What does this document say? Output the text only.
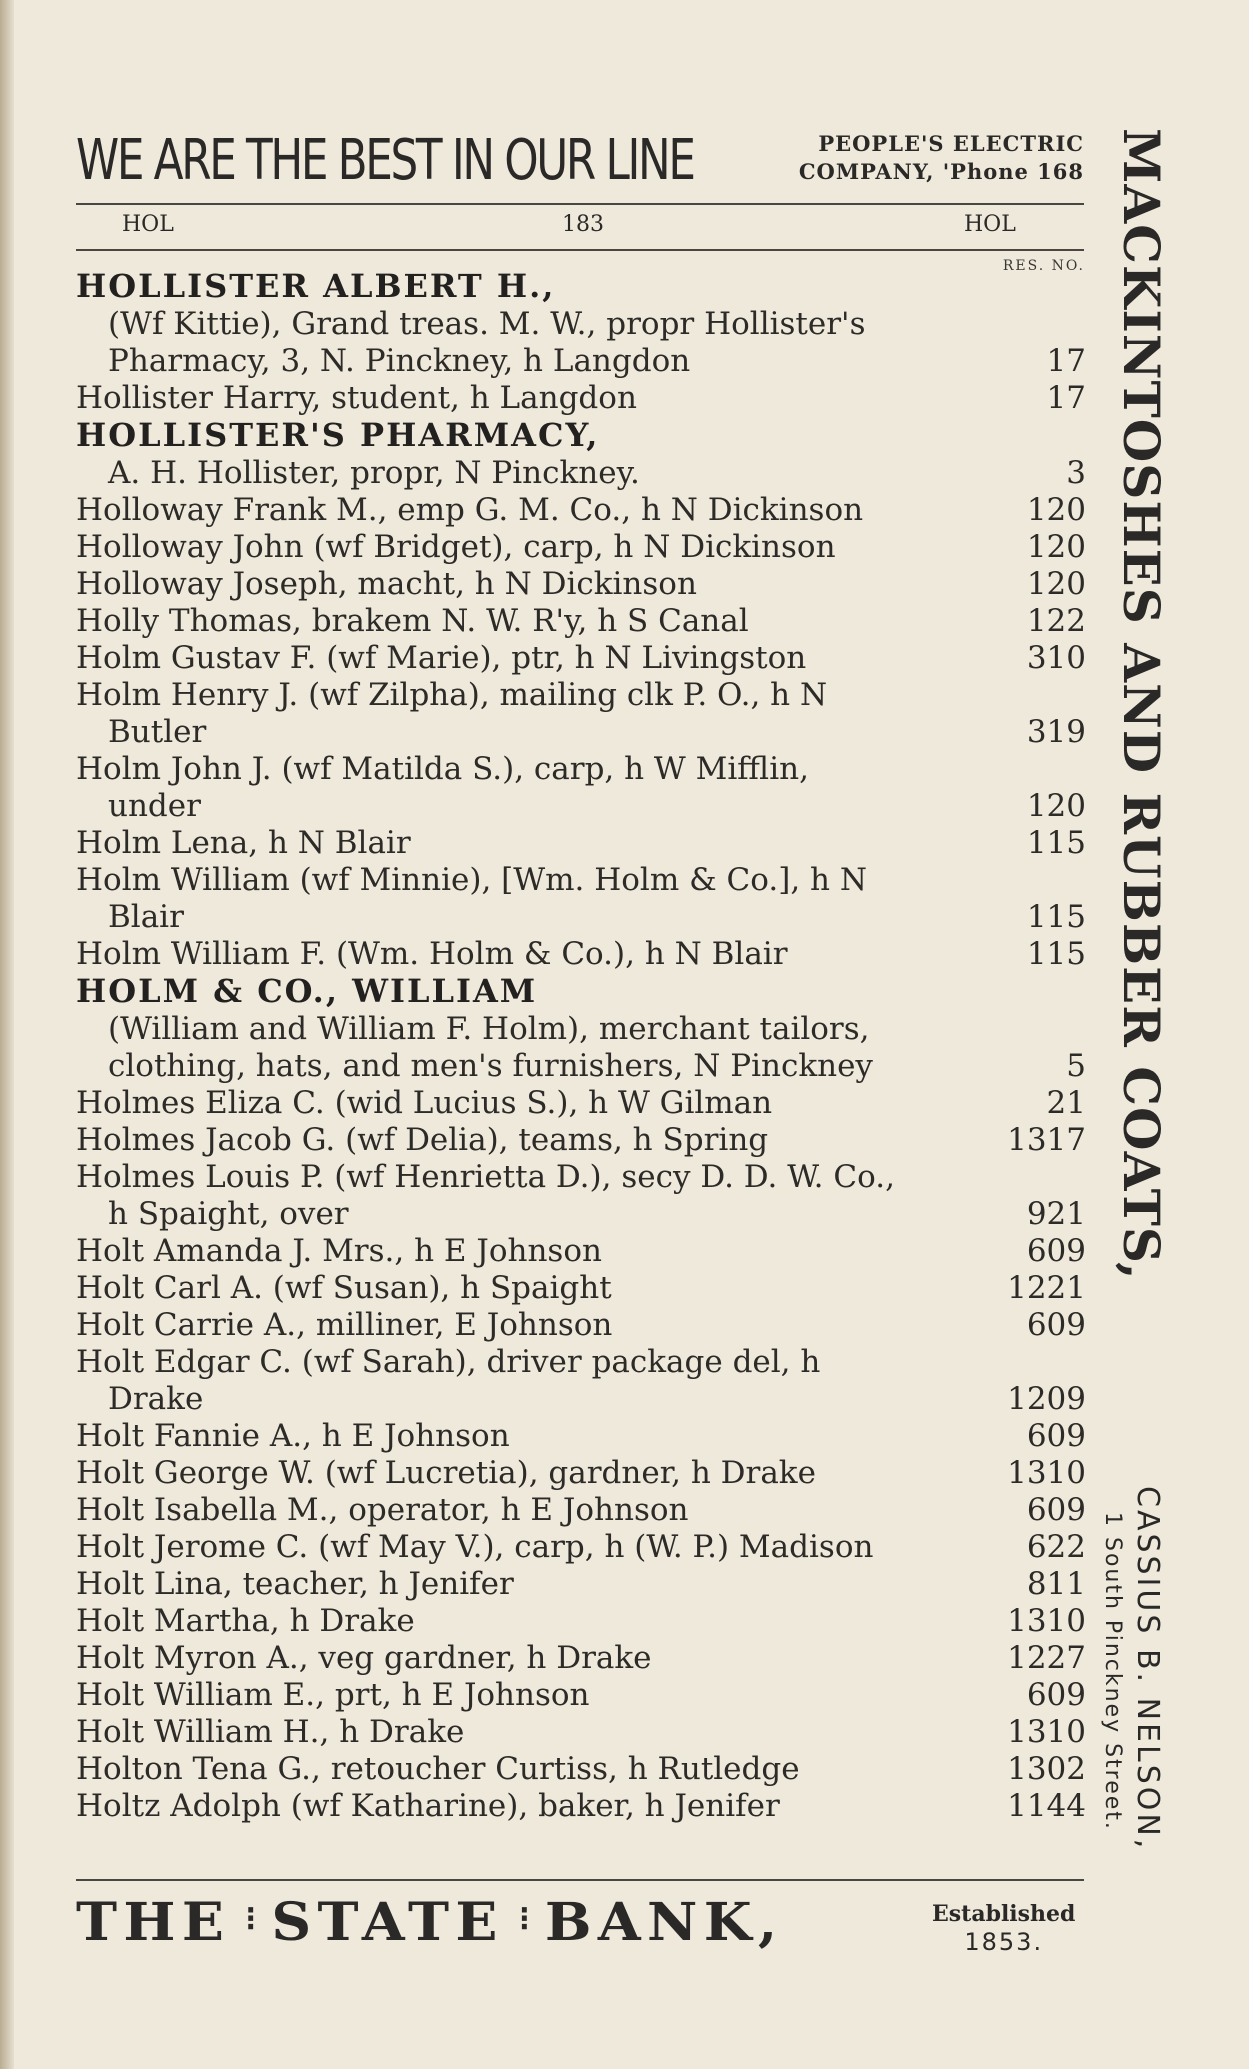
WE ARE THE BEST IN OUR LINE	PEOPLE'S ELECTRIC
COMPANY, 'Phone 168
HOL	183	HOL
RES. NO.
HOLLISTER ALBERT H.,
(Wf Kittie), Grand treas. M. W., propr Hollister's
Pharmacy, 3, N. Pinckney, h Langdon	17
Hollister Harry, student, h Langdon	17
HOLLISTER'S PHARMACY,
A. H. Hollister, propr, N Pinckney.	3
Holloway Frank M., emp G. M. Co., h N Dickinson	120
Holloway John (wf Bridget), carp, h N Dickinson	120
Holloway Joseph, macht, h N Dickinson	120
Holly Thomas, brakem N. W. R'y, h S Canal	122
Holm Gustav F. (wf Marie), ptr, h N Livingston	310
Holm Henry J. (wf Zilpha), mailing clk P. O., h N
Butler	319
Holm John J. (wf Matilda S.), carp, h W Mifflin,
under	120
Holm Lena, h N Blair	115
Holm William (wf Minnie), [Wm. Holm & Co.], h N
Blair	115
Holm William F. (Wm. Holm & Co.), h N Blair	115
HOLM & CO., WILLIAM
(William and William F. Holm), merchant tailors,
clothing, hats, and men's furnishers, N Pinckney	5
Holmes Eliza C. (wid Lucius S.), h W Gilman	21
Holmes Jacob G. (wf Delia), teams, h Spring	1317
Holmes Louis P. (wf Henrietta D.), secy D. D. W. Co.,
h Spaight, over	921
Holt Amanda J. Mrs., h E Johnson	609
Holt Carl A. (wf Susan), h Spaight	1221
Holt Carrie A., milliner, E Johnson	609
Holt Edgar C. (wf Sarah), driver package del, h
Drake	1209
Holt Fannie A., h E Johnson	609
Holt George W. (wf Lucretia), gardner, h Drake	1310
Holt Isabella M., operator, h E Johnson	609
Holt Jerome C. (wf May V.), carp, h (W. P.) Madison	622
Holt Lina, teacher, h Jenifer	811
Holt Martha, h Drake	1310
Holt Myron A., veg gardner, h Drake	1227
Holt William E., prt, h E Johnson	609
Holt William H., h Drake	1310
Holton Tena G., retoucher Curtiss, h Rutledge	1302
Holtz Adolph (wf Katharine), baker, h Jenifer	1144
MACKINTOSHES AND RUBBER COATS,
CASSIUS B. NELSON,
1 South Pinckney Street.
THE ⁝ STATE ⁝ BANK,	Established
1853.
